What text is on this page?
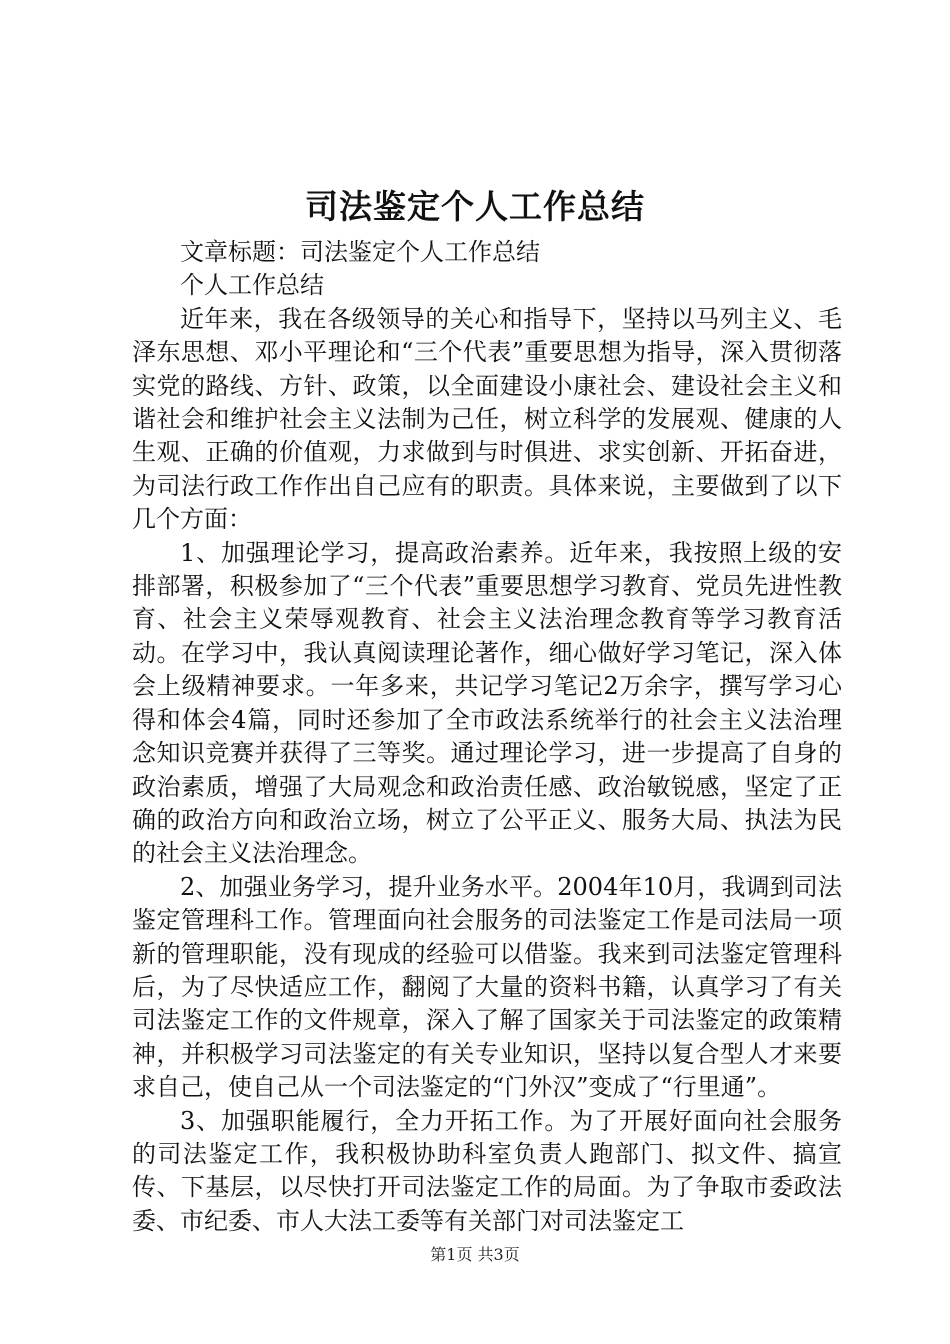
司法鉴定个人工作总结

文章标题：司法鉴定个人工作总结

个人工作总结

近年来，我在各级领导的关心和指导下，坚持以马列主义、毛泽东思想、邓小平理论和“三个代表”重要思想为指导，深入贯彻落实党的路线、方针、政策，以全面建设小康社会、建设社会主义和谐社会和维护社会主义法制为己任，树立科学的发展观、健康的人生观、正确的价值观，力求做到与时俱进、求实创新、开拓奋进，为司法行政工作作出自己应有的职责。具体来说，主要做到了以下几个方面：

1、加强理论学习，提高政治素养。近年来，我按照上级的安排部署，积极参加了“三个代表”重要思想学习教育、党员先进性教育、社会主义荣辱观教育、社会主义法治理念教育等学习教育活动。在学习中，我认真阅读理论著作，细心做好学习笔记，深入体会上级精神要求。一年多来，共记学习笔记2万余字，撰写学习心得和体会4篇，同时还参加了全市政法系统举行的社会主义法治理念知识竞赛并获得了三等奖。通过理论学习，进一步提高了自身的政治素质，增强了大局观念和政治责任感、政治敏锐感，坚定了正确的政治方向和政治立场，树立了公平正义、服务大局、执法为民的社会主义法治理念。

2、加强业务学习，提升业务水平。2004年10月，我调到司法鉴定管理科工作。管理面向社会服务的司法鉴定工作是司法局一项新的管理职能，没有现成的经验可以借鉴。我来到司法鉴定管理科后，为了尽快适应工作，翻阅了大量的资料书籍，认真学习了有关司法鉴定工作的文件规章，深入了解了国家关于司法鉴定的政策精神，并积极学习司法鉴定的有关专业知识，坚持以复合型人才来要求自己，使自己从一个司法鉴定的“门外汉”变成了“行里通”。

3、加强职能履行，全力开拓工作。为了开展好面向社会服务的司法鉴定工作，我积极协助科室负责人跑部门、拟文件、搞宣传、下基层，以尽快打开司法鉴定工作的局面。为了争取市委政法委、市纪委、市人大法工委等有关部门对司法鉴定工

第1页 共3页
